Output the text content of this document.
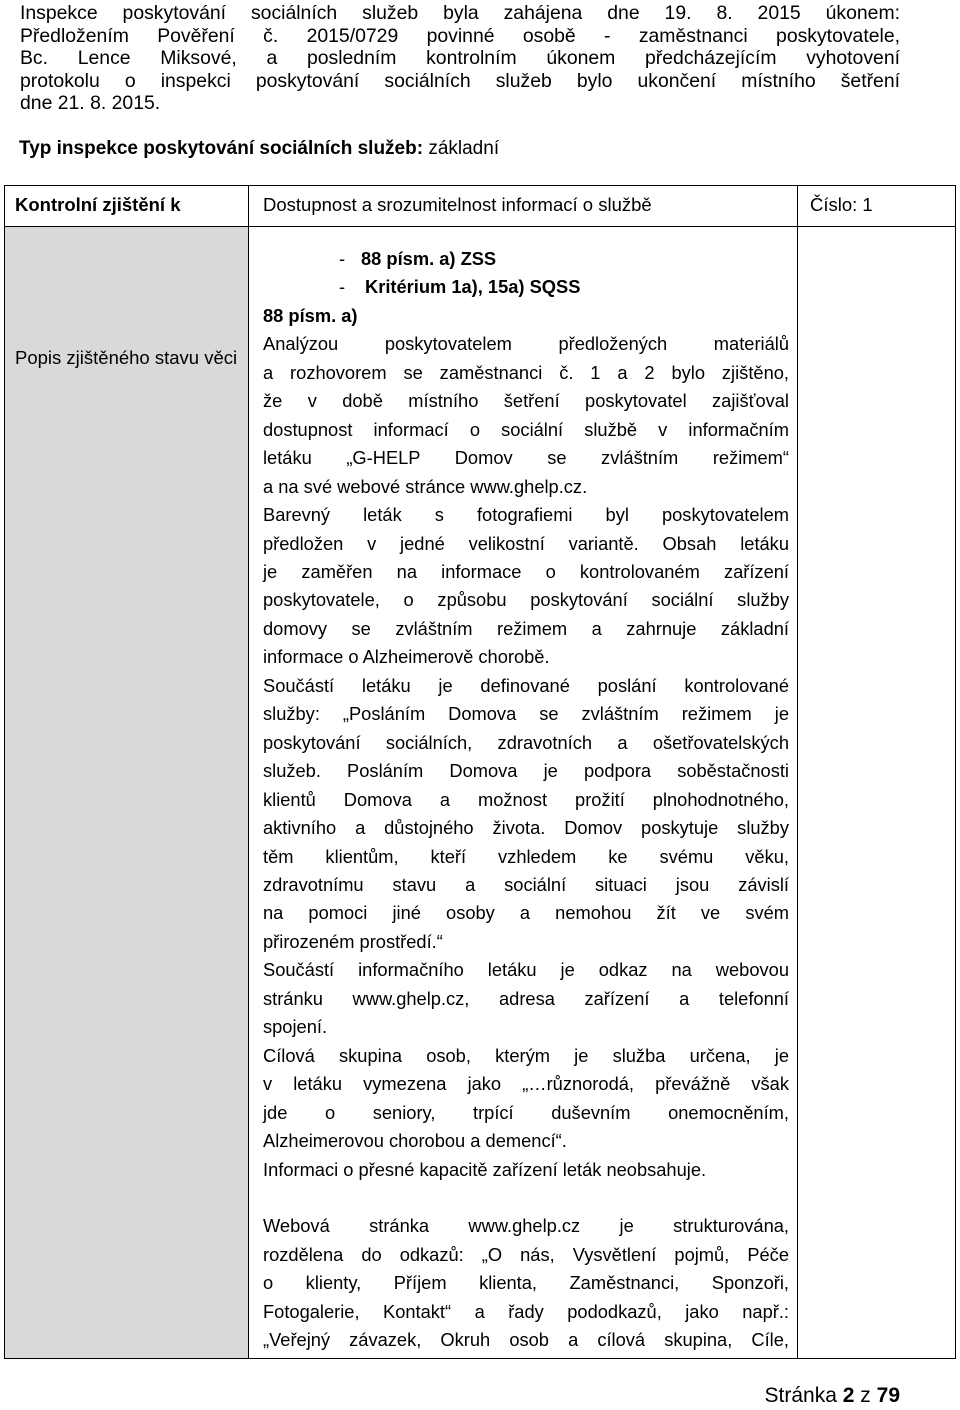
Inspekce poskytování sociálních služeb byla zahájena dne 19. 8. 2015 úkonem:
Předložením Pověření č. 2015/0729 povinné osobě - zaměstnanci poskytovatele,
Bc. Lence Miksové, a posledním kontrolním úkonem předcházejícím vyhotovení
protokolu o inspekci poskytování sociálních služeb bylo ukončení místního šetření
dne 21. 8. 2015.
Typ inspekce poskytování sociálních služeb: základní
Kontrolní zjištění k	Dostupnost a srozumitelnost informací o službě	Číslo: 1
Popis zjištěného stavu věci
- 88 písm. a) ZSS
- Kritérium 1a), 15a) SQSS
88 písm. a)
Analýzou poskytovatelem předložených materiálů
a rozhovorem se zaměstnanci č. 1 a 2 bylo zjištěno,
že v době místního šetření poskytovatel zajišťoval
dostupnost informací o sociální službě v informačním
letáku „G-HELP Domov se zvláštním režimem“
a na své webové stránce www.ghelp.cz.
Barevný leták s fotografiemi byl poskytovatelem
předložen v jedné velikostní variantě. Obsah letáku
je zaměřen na informace o kontrolovaném zařízení
poskytovatele, o způsobu poskytování sociální služby
domovy se zvláštním režimem a zahrnuje základní
informace o Alzheimerově chorobě.
Součástí letáku je definované poslání kontrolované
služby: „Posláním Domova se zvláštním režimem je
poskytování sociálních, zdravotních a ošetřovatelských
služeb. Posláním Domova je podpora soběstačnosti
klientů Domova a možnost prožití plnohodnotného,
aktivního a důstojného života. Domov poskytuje služby
těm klientům, kteří vzhledem ke svému věku,
zdravotnímu stavu a sociální situaci jsou závislí
na pomoci jiné osoby a nemohou žít ve svém
přirozeném prostředí.“
Součástí informačního letáku je odkaz na webovou
stránku www.ghelp.cz, adresa zařízení a telefonní
spojení.
Cílová skupina osob, kterým je služba určena, je
v letáku vymezena jako „…různorodá, převážně však
jde o seniory, trpící duševním onemocněním,
Alzheimerovou chorobou a demencí“.
Informaci o přesné kapacitě zařízení leták neobsahuje.
Webová stránka www.ghelp.cz je strukturována,
rozdělena do odkazů: „O nás, Vysvětlení pojmů, Péče
o klienty, Příjem klienta, Zaměstnanci, Sponzoři,
Fotogalerie, Kontakt“ a řady pododkazů, jako např.:
„Veřejný závazek, Okruh osob a cílová skupina, Cíle,
Stránka 2 z 79
